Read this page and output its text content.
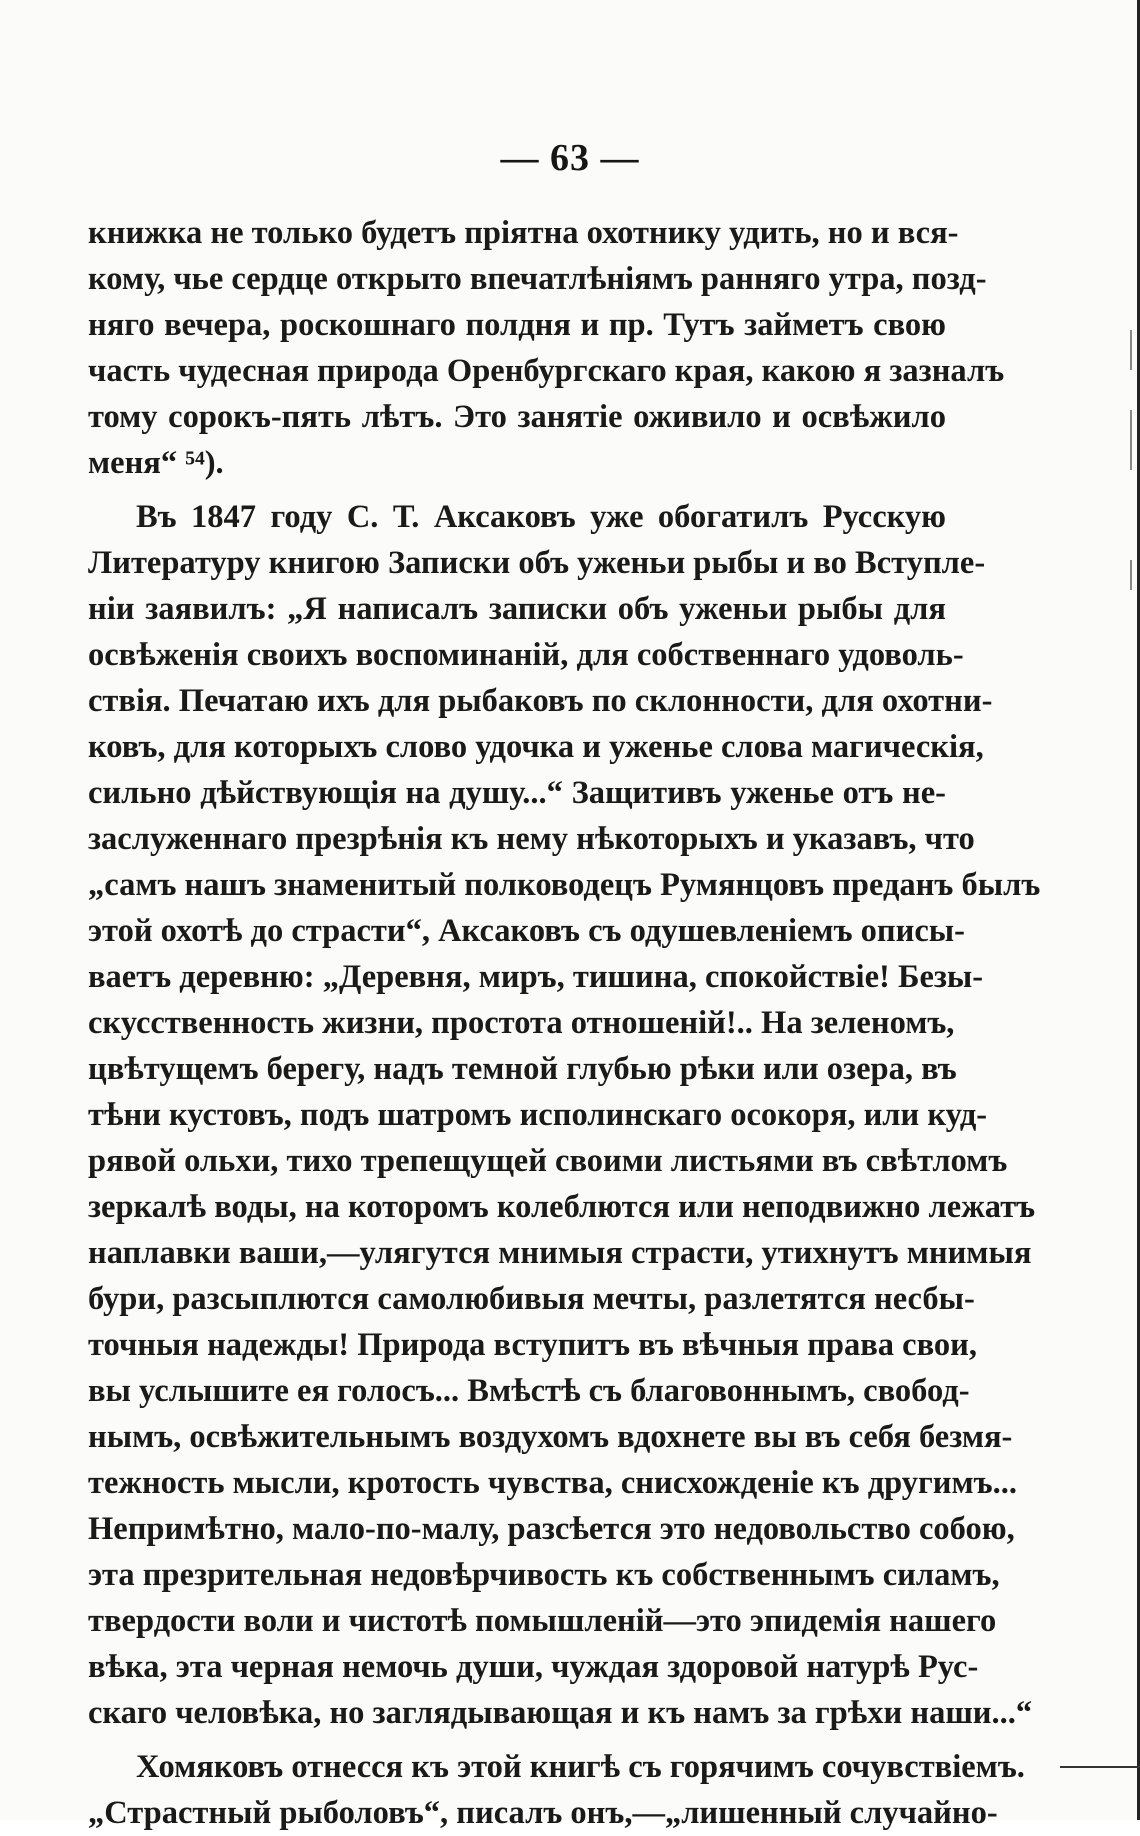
— 63 —
книжка не только будетъ пріятна охотнику удить, но и вся-
кому, чье сердце открыто впечатлѣніямъ ранняго утра, позд-
няго вечера, роскошнаго полдня и пр. Тутъ займетъ свою
часть чудесная природа Оренбургскаго края, какою я зазналъ
тому сорокъ-пять лѣтъ. Это занятіе оживило и освѣжило
меня“ ⁵⁴).
Въ 1847 году С. Т. Аксаковъ уже обогатилъ Русскую
Литературу книгою Записки объ уженьи рыбы и во Вступле-
ніи заявилъ: „Я написалъ записки объ уженьи рыбы для
освѣженія своихъ воспоминаній, для собственнаго удоволь-
ствія. Печатаю ихъ для рыбаковъ по склонности, для охотни-
ковъ, для которыхъ слово удочка и уженье слова магическія,
сильно дѣйствующія на душу...“ Защитивъ уженье отъ не-
заслуженнаго презрѣнія къ нему нѣкоторыхъ и указавъ, что
„самъ нашъ знаменитый полководецъ Румянцовъ преданъ былъ
этой охотѣ до страсти“, Аксаковъ съ одушевленіемъ описы-
ваетъ деревню: „Деревня, миръ, тишина, спокойствіе! Безы-
скусственность жизни, простота отношеній!.. На зеленомъ,
цвѣтущемъ берегу, надъ темной глубью рѣки или озера, въ
тѣни кустовъ, подъ шатромъ исполинскаго осокоря, или куд-
рявой ольхи, тихо трепещущей своими листьями въ свѣтломъ
зеркалѣ воды, на которомъ колеблются или неподвижно лежатъ
наплавки ваши,—улягутся мнимыя страсти, утихнутъ мнимыя
бури, разсыплются самолюбивыя мечты, разлетятся несбы-
точныя надежды! Природа вступитъ въ вѣчныя права свои,
вы услышите ея голосъ... Вмѣстѣ съ благовоннымъ, свобод-
нымъ, освѣжительнымъ воздухомъ вдохнете вы въ себя безмя-
тежность мысли, кротость чувства, снисхожденіе къ другимъ...
Непримѣтно, мало-по-малу, разсѣется это недовольство собою,
эта презрительная недовѣрчивость къ собственнымъ силамъ,
твердости воли и чистотѣ помышленій—это эпидемія нашего
вѣка, эта черная немочь души, чуждая здоровой натурѣ Рус-
скаго человѣка, но заглядывающая и къ намъ за грѣхи наши...“
Хомяковъ отнесся къ этой книгѣ съ горячимъ сочувствіемъ.
„Страстный рыболовъ“, писалъ онъ,—„лишенный случайно-
